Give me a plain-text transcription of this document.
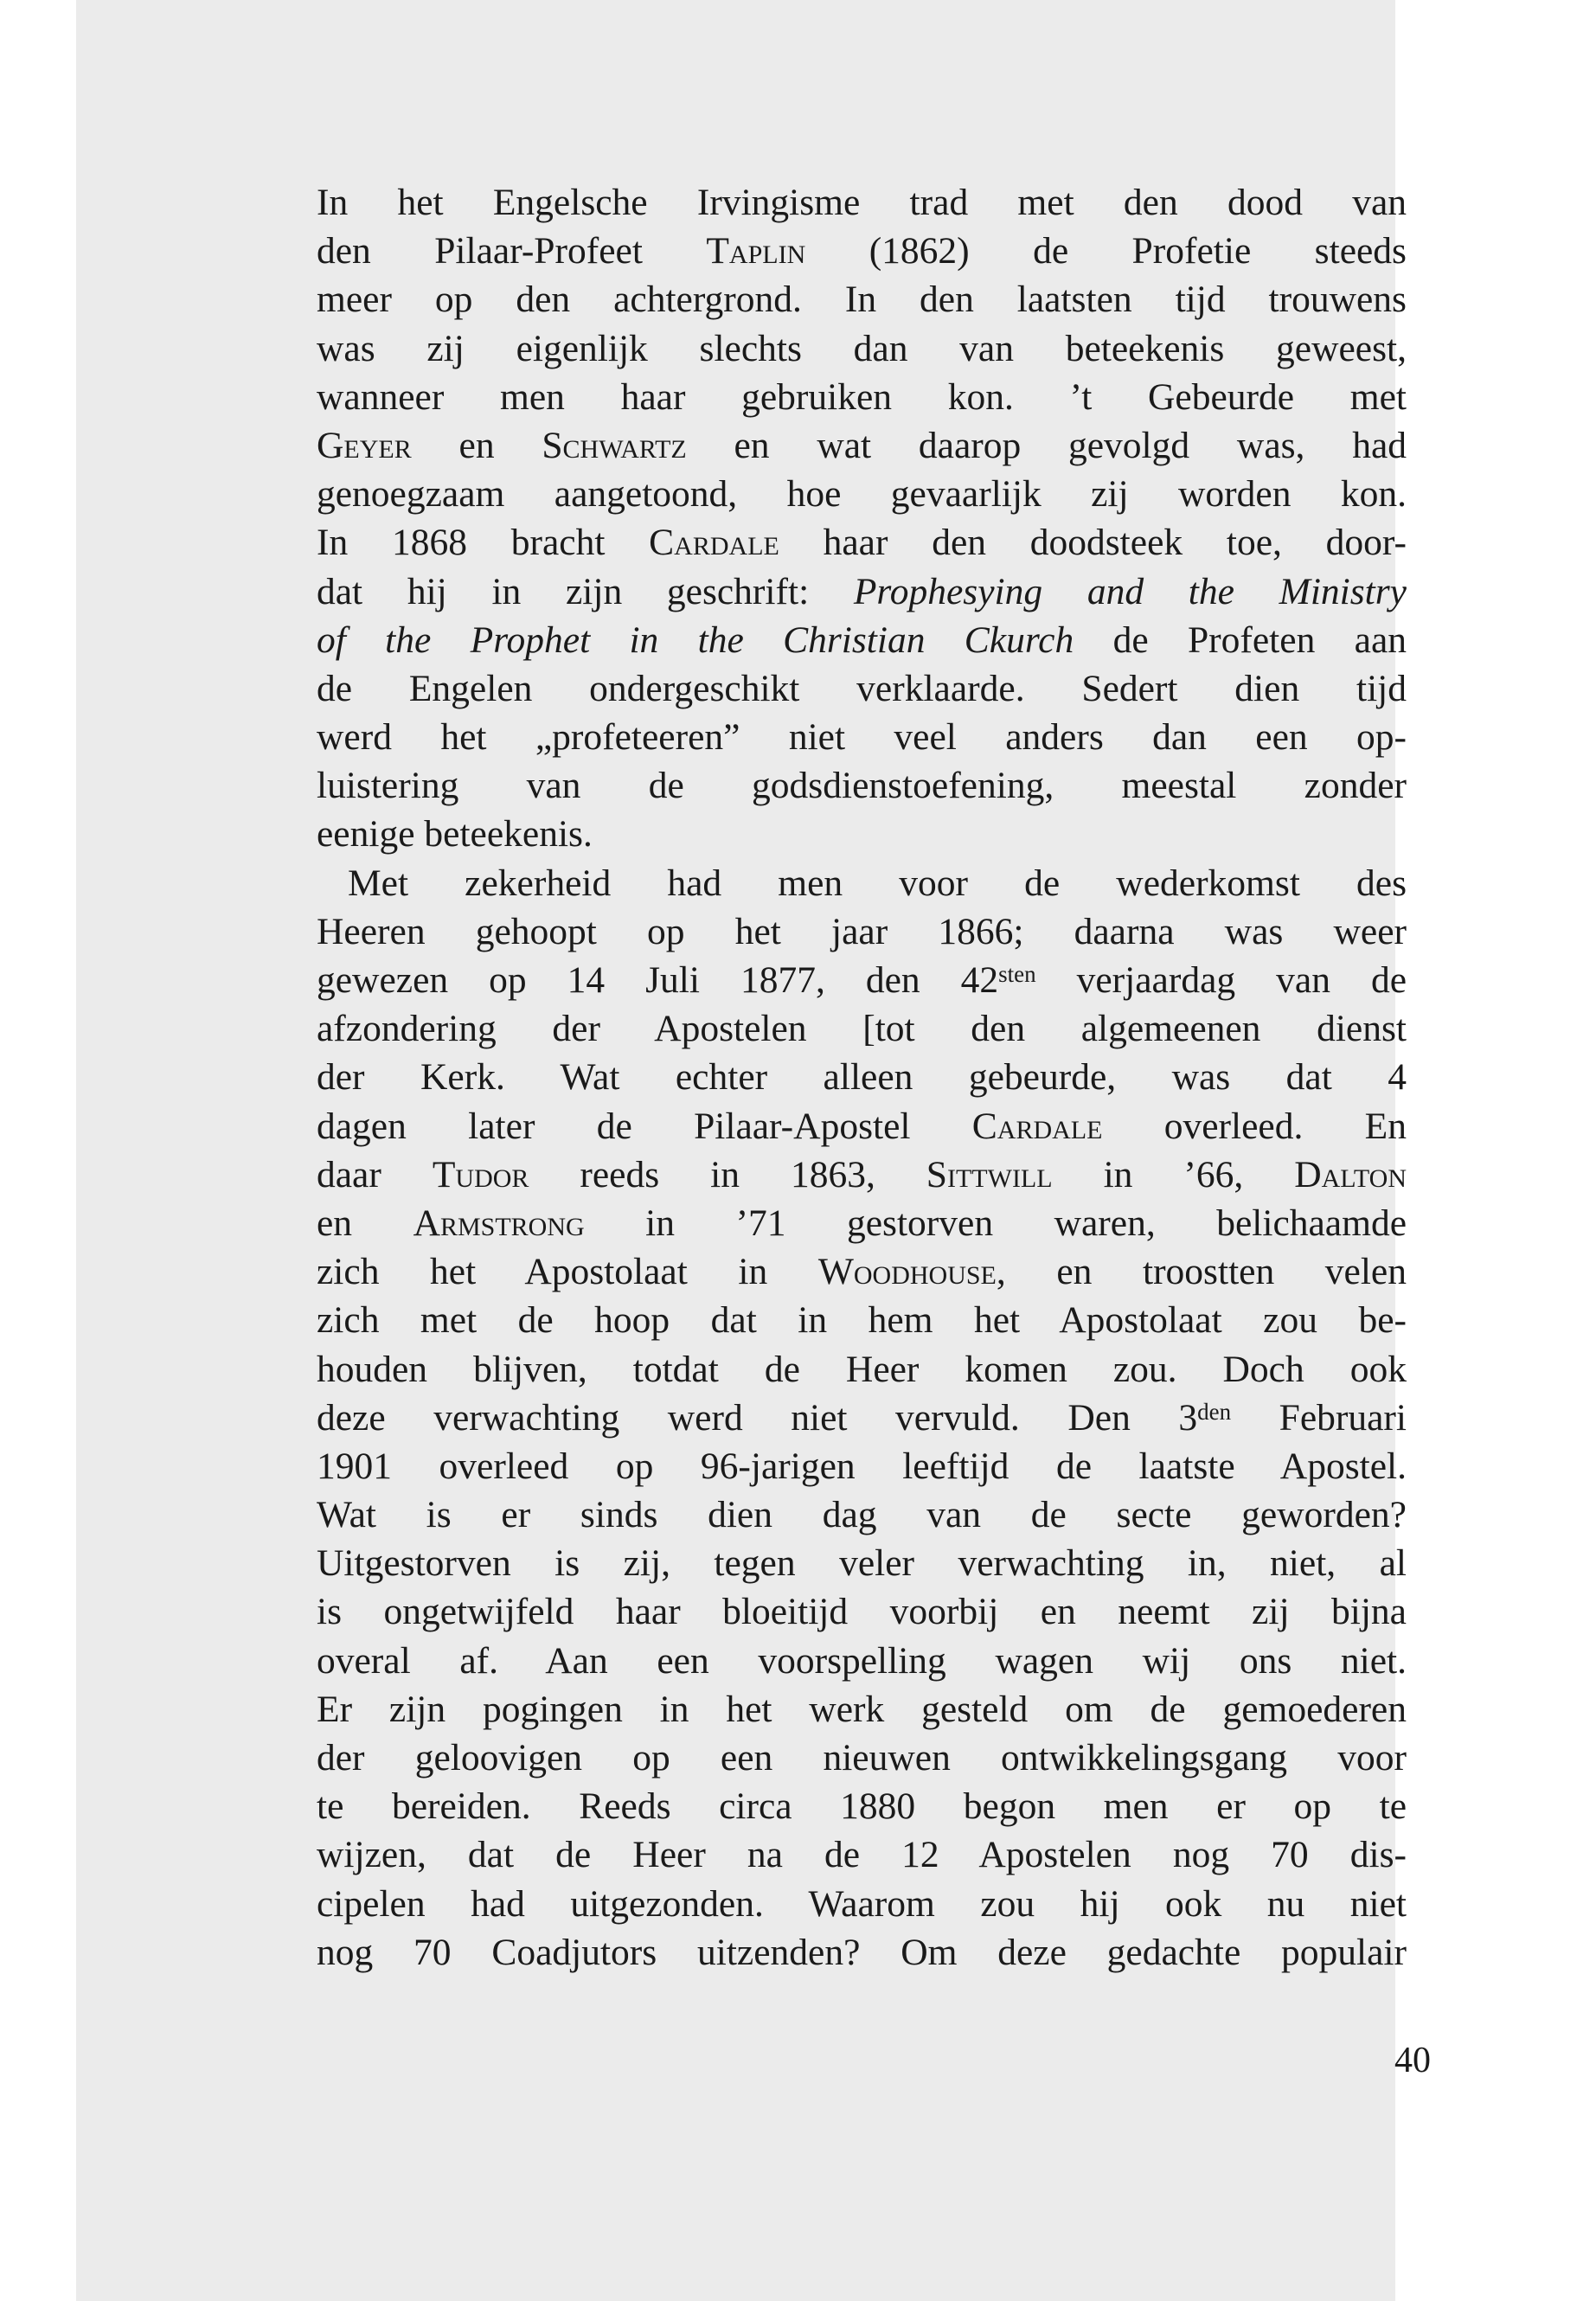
In het Engelsche Irvingisme trad met den dood van
den Pilaar-Profeet Taplin (1862) de Profetie steeds
meer op den achtergrond. In den laatsten tijd trouwens
was zij eigenlijk slechts dan van beteekenis geweest,
wanneer men haar gebruiken kon. ’t Gebeurde met
Geyer en Schwartz en wat daarop gevolgd was, had
genoegzaam aangetoond, hoe gevaarlijk zij worden kon.
In 1868 bracht Cardale haar den doodsteek toe, door-
dat hij in zijn geschrift: Prophesying and the Ministry
of the Prophet in the Christian Ckurch de Profeten aan
de Engelen ondergeschikt verklaarde. Sedert dien tijd
werd het „profeteeren” niet veel anders dan een op-
luistering van de godsdienstoefening, meestal zonder
eenige beteekenis.
Met zekerheid had men voor de wederkomst des
Heeren gehoopt op het jaar 1866; daarna was weer
gewezen op 14 Juli 1877, den $42^{sten}$ verjaardag van de
afzondering der Apostelen [tot den algemeenen dienst
der Kerk. Wat echter alleen gebeurde, was dat 4
dagen later de Pilaar-Apostel Cardale overleed. En
daar Tudor reeds in 1863, Sittwill in ’66, Dalton
en Armstrong in ’71 gestorven waren, belichaamde
zich het Apostolaat in Woodhouse, en troostten velen
zich met de hoop dat in hem het Apostolaat zou be-
houden blijven, totdat de Heer komen zou. Doch ook
deze verwachting werd niet vervuld. Den $3^{den}$ Februari
1901 overleed op 96-jarigen leeftijd de laatste Apostel.
Wat is er sinds dien dag van de secte geworden?
Uitgestorven is zij, tegen veler verwachting in, niet, al
is ongetwijfeld haar bloeitijd voorbij en neemt zij bijna
overal af. Aan een voorspelling wagen wij ons niet.
Er zijn pogingen in het werk gesteld om de gemoederen
der geloovigen op een nieuwen ontwikkelingsgang voor
te bereiden. Reeds circa 1880 begon men er op te
wijzen, dat de Heer na de 12 Apostelen nog 70 dis-
cipelen had uitgezonden. Waarom zou hij ook nu niet
nog 70 Coadjutors uitzenden? Om deze gedachte populair
40
